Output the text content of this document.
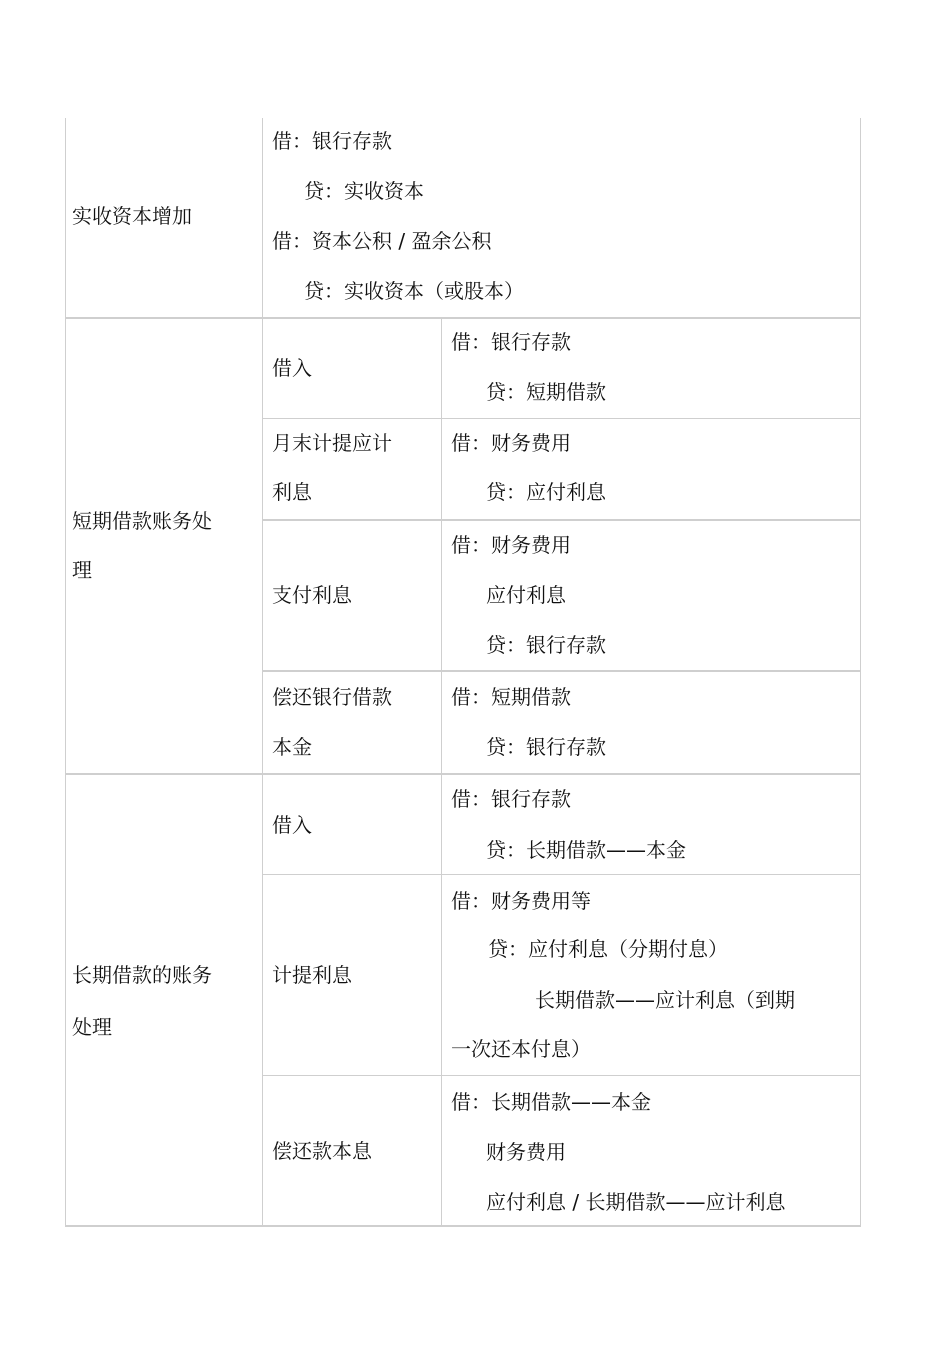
实收资本增加
借：银行存款
贷：实收资本
借：资本公积 / 盈余公积
贷：实收资本（或股本）
短期借款账务处
理
借入
借：银行存款
贷：短期借款
月末计提应计
利息
借：财务费用
贷：应付利息
支付利息
借：财务费用
应付利息
贷：银行存款
偿还银行借款
本金
借：短期借款
贷：银行存款
长期借款的账务
处理
借入
借：银行存款
贷：长期借款——本金
计提利息
借：财务费用等
贷：应付利息（分期付息）
长期借款——应计利息（到期
一次还本付息）
偿还款本息
借：长期借款——本金
财务费用
应付利息 / 长期借款——应计利息
